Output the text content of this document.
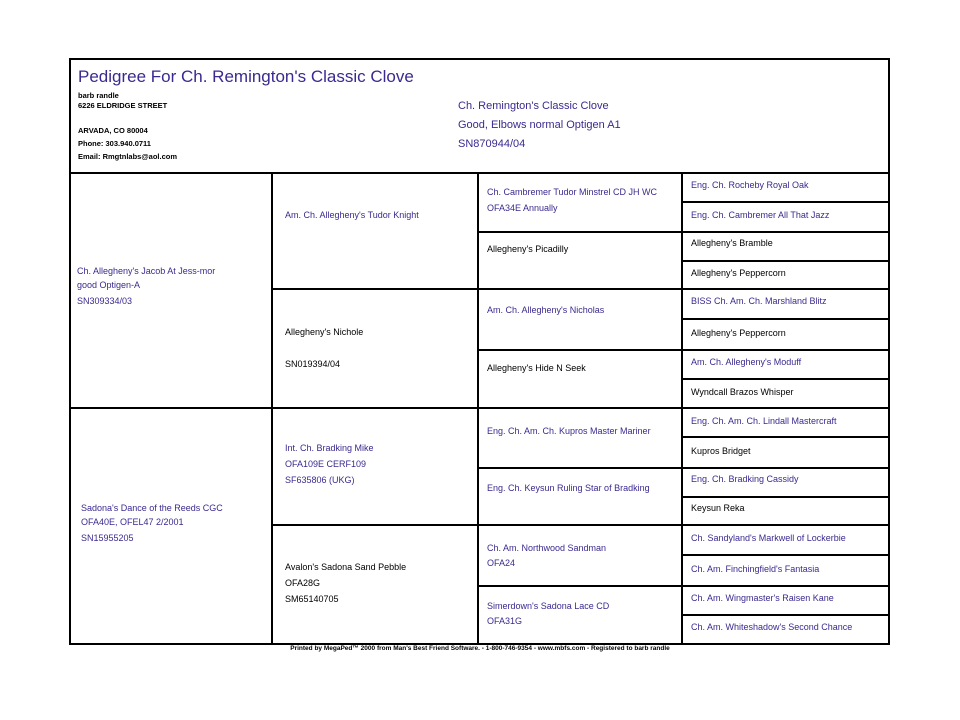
Pedigree For Ch. Remington's Classic Clove
barb randle
6226 ELDRIDGE STREET
ARVADA, CO 80004
Phone: 303.940.0711
Email: Rmgtnlabs@aol.com
Ch. Remington's Classic Clove
Good, Elbows normal Optigen A1
SN870944/04
Ch. Allegheny's Jacob At Jess-mor
good Optigen-A
SN309334/03
Sadona's Dance of the Reeds CGC
OFA40E, OFEL47 2/2001
SN15955205
Am. Ch. Allegheny's Tudor Knight
Allegheny's Nichole
SN019394/04
Int. Ch. Bradking Mike
OFA109E CERF109
SF635806 (UKG)
Avalon's Sadona Sand Pebble
OFA28G
SM65140705
Ch. Cambremer Tudor Minstrel CD JH WC
OFA34E Annually
Allegheny's Picadilly
Am. Ch. Allegheny's Nicholas
Allegheny's Hide N Seek
Eng. Ch. Am. Ch. Kupros Master Mariner
Eng. Ch. Keysun Ruling Star of Bradking
Ch. Am. Northwood Sandman
OFA24
Simerdown's Sadona Lace CD
OFA31G
Eng. Ch. Rocheby Royal Oak
Eng. Ch. Cambremer All That Jazz
Allegheny's Bramble
Allegheny's Peppercorn
BISS Ch. Am. Ch. Marshland Blitz
Allegheny's Peppercorn
Am. Ch. Allegheny's Moduff
Wyndcall Brazos Whisper
Eng. Ch. Am. Ch. Lindall Mastercraft
Kupros Bridget
Eng. Ch. Bradking Cassidy
Keysun Reka
Ch. Sandyland's Markwell of Lockerbie
Ch. Am. Finchingfield's Fantasia
Ch. Am. Wingmaster's Raisen Kane
Ch. Am. Whiteshadow's Second Chance
Printed by MegaPed™ 2000 from Man's Best Friend Software. - 1-800-746-9354 - www.mbfs.com - Registered to barb randle
